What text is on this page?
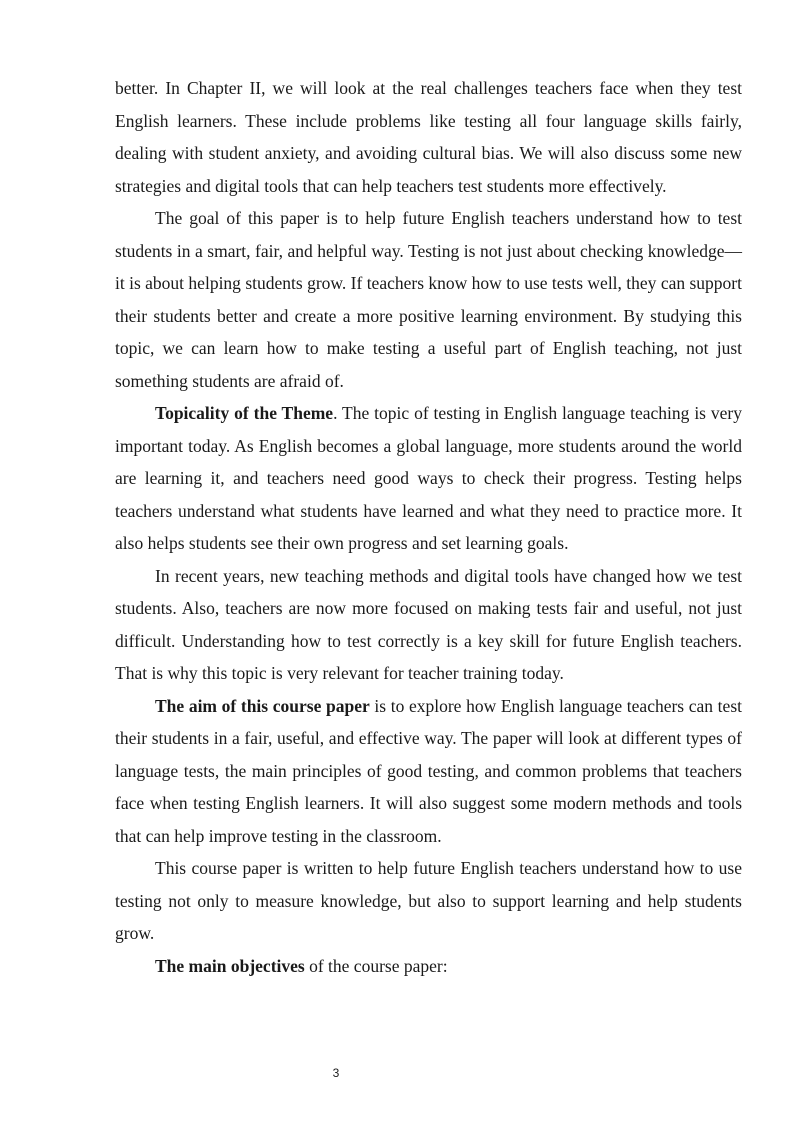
better. In Chapter II, we will look at the real challenges teachers face when they test English learners. These include problems like testing all four language skills fairly, dealing with student anxiety, and avoiding cultural bias. We will also discuss some new strategies and digital tools that can help teachers test students more effectively.

The goal of this paper is to help future English teachers understand how to test students in a smart, fair, and helpful way. Testing is not just about checking knowledge—it is about helping students grow. If teachers know how to use tests well, they can support their students better and create a more positive learning environment. By studying this topic, we can learn how to make testing a useful part of English teaching, not just something students are afraid of.

Topicality of the Theme. The topic of testing in English language teaching is very important today. As English becomes a global language, more students around the world are learning it, and teachers need good ways to check their progress. Testing helps teachers understand what students have learned and what they need to practice more. It also helps students see their own progress and set learning goals.

In recent years, new teaching methods and digital tools have changed how we test students. Also, teachers are now more focused on making tests fair and useful, not just difficult. Understanding how to test correctly is a key skill for future English teachers. That is why this topic is very relevant for teacher training today.

The aim of this course paper is to explore how English language teachers can test their students in a fair, useful, and effective way. The paper will look at different types of language tests, the main principles of good testing, and common problems that teachers face when testing English learners. It will also suggest some modern methods and tools that can help improve testing in the classroom.

This course paper is written to help future English teachers understand how to use testing not only to measure knowledge, but also to support learning and help students grow.

The main objectives of the course paper:

3
